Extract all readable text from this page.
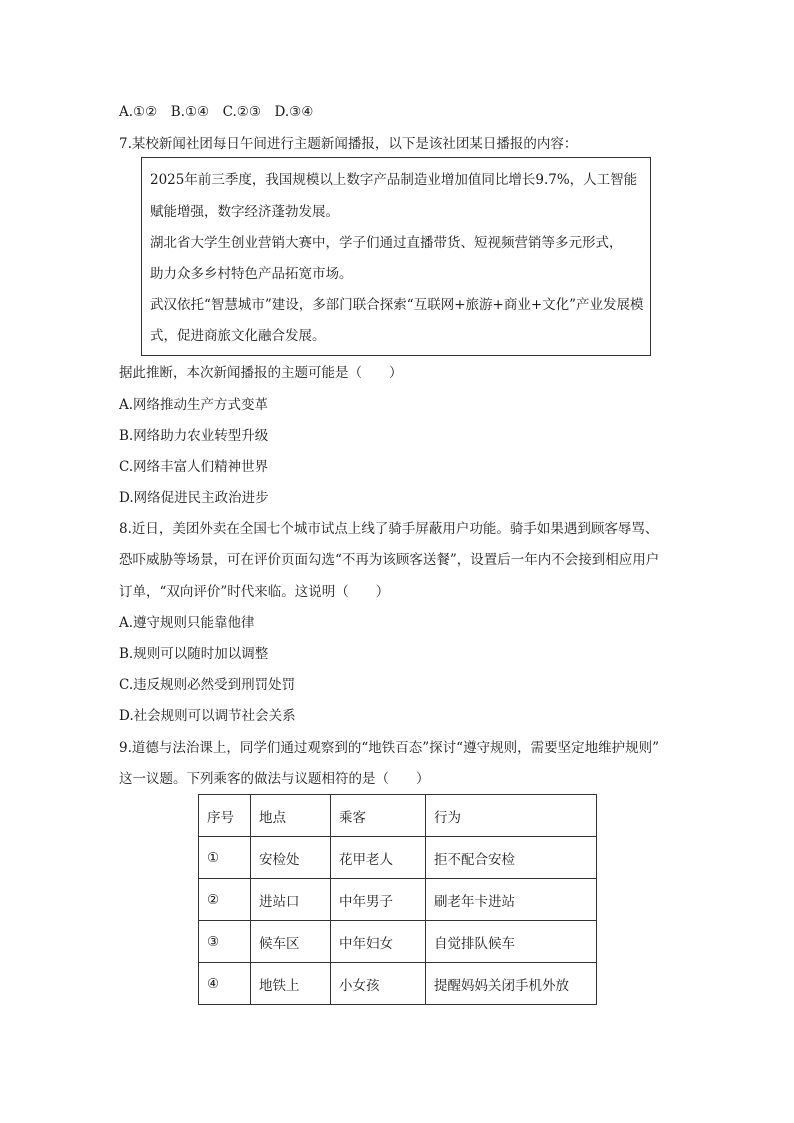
A.①②　B.①④　C.②③　D.③④
7.某校新闻社团每日午间进行主题新闻播报，以下是该社团某日播报的内容：
2025年前三季度，我国规模以上数字产品制造业增加值同比增长9.7%，人工智能
赋能增强，数字经济蓬勃发展。
湖北省大学生创业营销大赛中，学子们通过直播带货、短视频营销等多元形式，
助力众多乡村特色产品拓宽市场。
武汉依托“智慧城市”建设，多部门联合探索“互联网+旅游+商业+文化”产业发展模
式，促进商旅文化融合发展。
据此推断，本次新闻播报的主题可能是（　　）
A.网络推动生产方式变革
B.网络助力农业转型升级
C.网络丰富人们精神世界
D.网络促进民主政治进步
8.近日，美团外卖在全国七个城市试点上线了骑手屏蔽用户功能。骑手如果遇到顾客辱骂、
恐吓威胁等场景，可在评价页面勾选“不再为该顾客送餐”，设置后一年内不会接到相应用户
订单，“双向评价”时代来临。这说明（　　）
A.遵守规则只能靠他律
B.规则可以随时加以调整
C.违反规则必然受到刑罚处罚
D.社会规则可以调节社会关系
9.道德与法治课上，同学们通过观察到的“地铁百态”探讨“遵守规则，需要坚定地维护规则”
这一议题。下列乘客的做法与议题相符的是（　　）
序号	地点	乘客	行为
①	安检处	花甲老人	拒不配合安检
②	进站口	中年男子	刷老年卡进站
③	候车区	中年妇女	自觉排队候车
④	地铁上	小女孩	提醒妈妈关闭手机外放
